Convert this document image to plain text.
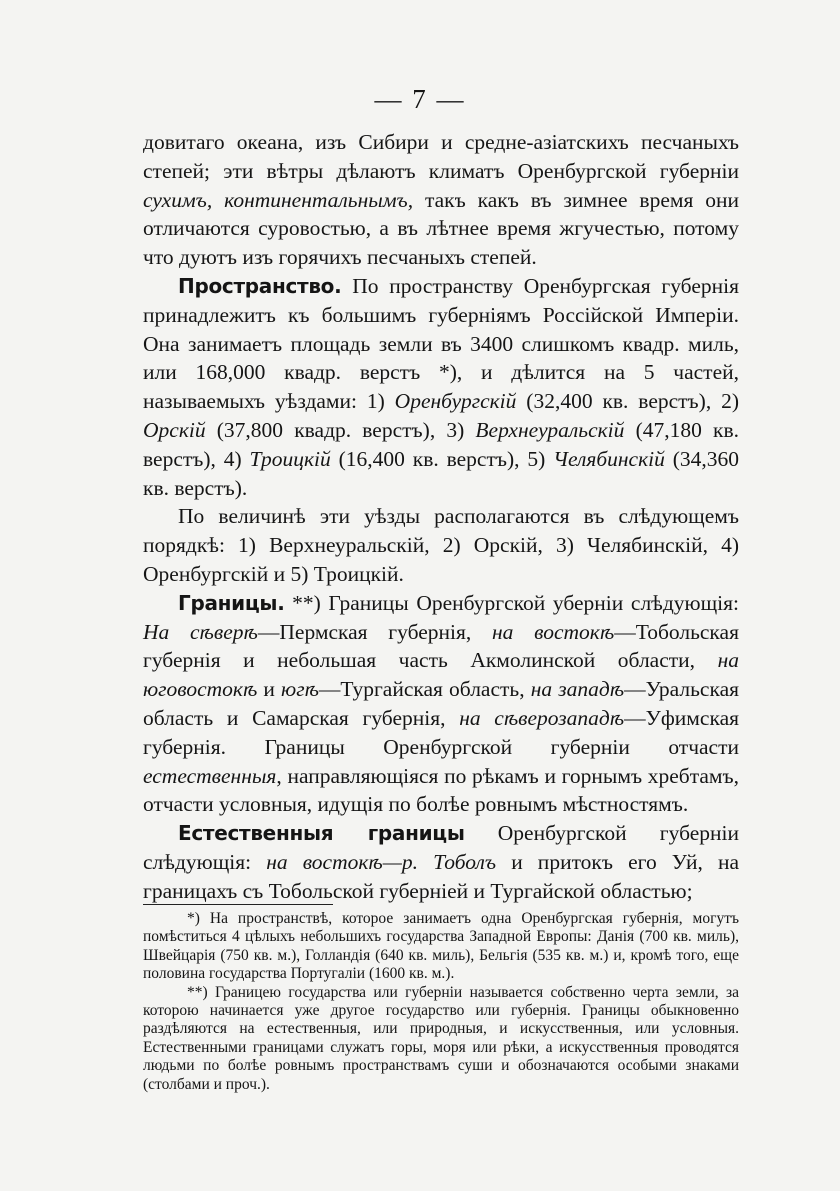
— 7 —

довитаго океана, изъ Сибири и средне-азіатскихъ песчаныхъ степей; эти вѣтры дѣлаютъ климатъ Оренбургской губерніи сухимъ, континентальнымъ, такъ какъ въ зимнее время они отличаются суровостью, а въ лѣтнее время жгучестью, потому что дуютъ изъ горячихъ песчаныхъ степей.

Пространство. По пространству Оренбургская губернія принадлежитъ къ большимъ губерніямъ Россійской Имперіи. Она занимаетъ площадь земли въ 3400 слишкомъ квадр. миль, или 168,000 квадр. верстъ *), и дѣлится на 5 частей, называемыхъ уѣздами: 1) Оренбургскій (32,400 кв. верстъ), 2) Орскій (37,800 квадр. верстъ), 3) Верхнеуральскій (47,180 кв. верстъ), 4) Троицкій (16,400 кв. верстъ), 5) Челябинскій (34,360 кв. верстъ).

По величинѣ эти уѣзды располагаются въ слѣдующемъ порядкѣ: 1) Верхнеуральскій, 2) Орскій, 3) Челябинскій, 4) Оренбургскій и 5) Троицкій.

Границы. **) Границы Оренбургской уберніи слѣдующія: На сѣверѣ—Пермская губернія, на востокѣ—Тобольская губернія и небольшая часть Акмолинской области, на юговостокѣ и югѣ—Тургайская область, на западѣ—Уральская область и Самарская губернія, на сѣверозападѣ—Уфимская губернія. Границы Оренбургской губерніи отчасти естественныя, направляющіяся по рѣкамъ и горнымъ хребтамъ, отчасти условныя, идущія по болѣе ровнымъ мѣстностямъ.

Естественныя границы Оренбургской губерніи слѣдующія: на востокѣ—р. Тоболъ и притокъ его Уй, на границахъ съ Тобольской губерніей и Тургайской областью;

*) На пространствѣ, которое занимаетъ одна Оренбургская губернія, могутъ помѣститься 4 цѣлыхъ небольшихъ государства Западной Европы: Данія (700 кв. миль), Швейцарія (750 кв. м.), Голландія (640 кв. миль), Бельгія (535 кв. м.) и, кромѣ того, еще половина государства Португаліи (1600 кв. м.).

**) Границею государства или губерніи называется собственно черта земли, за которою начинается уже другое государство или губернія. Границы обыкновенно раздѣляются на естественныя, или природныя, и искусственныя, или условныя. Естественными границами служатъ горы, моря или рѣки, а искусственныя проводятся людьми по болѣе ровнымъ пространствамъ суши и обозначаются особыми знаками (столбами и проч.).
